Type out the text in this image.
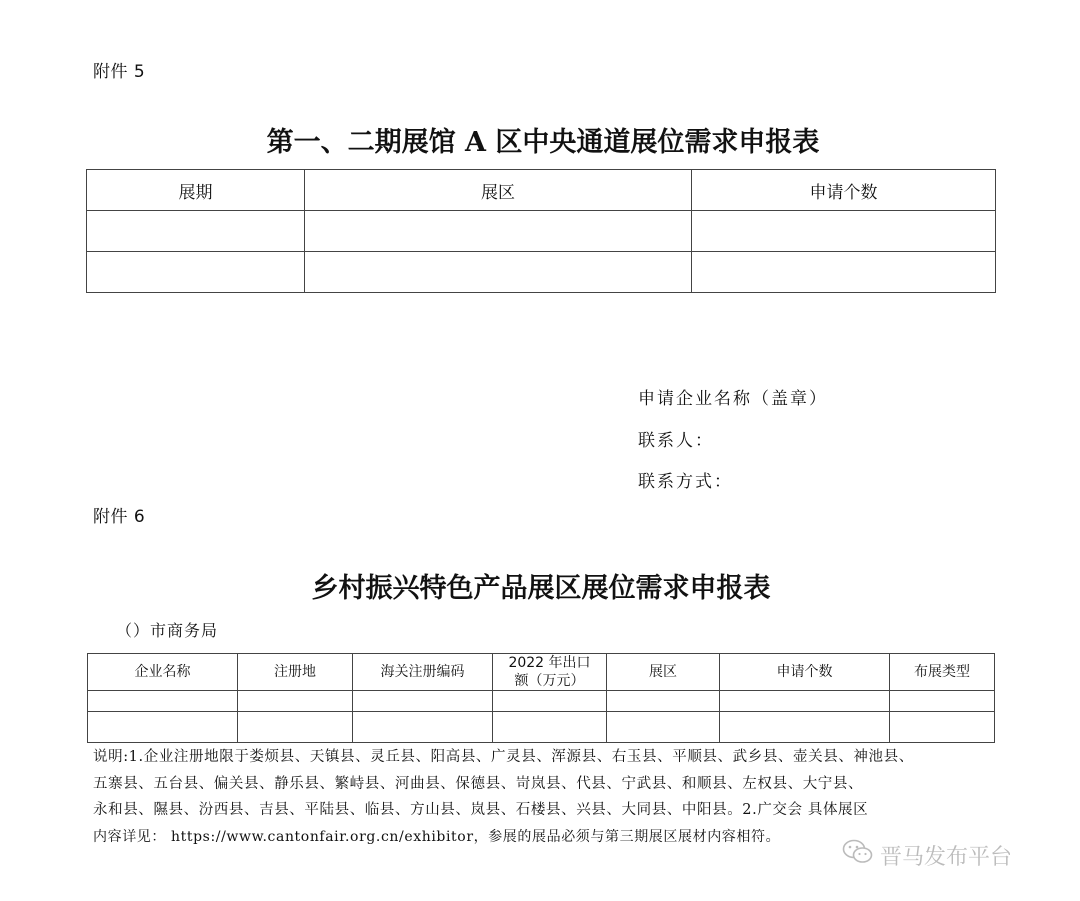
附件 5
第一、二期展馆 A 区中央通道展位需求申报表
展期	展区	申请个数

申请企业名称（盖章）
联系人：
联系方式：
附件 6
乡村振兴特色产品展区展位需求申报表
（）市商务局
企业名称	注册地	海关注册编码	2022 年出口额（万元）	展区	申请个数	布展类型

说明:1.企业注册地限于娄烦县、天镇县、灵丘县、阳高县、广灵县、浑源县、右玉县、平顺县、武乡县、壶关县、神池县、
五寨县、五台县、偏关县、静乐县、繁峙县、河曲县、保德县、岢岚县、代县、宁武县、和顺县、左权县、大宁县、
永和县、隰县、汾西县、吉县、平陆县、临县、方山县、岚县、石楼县、兴县、大同县、中阳县。2.广交会 具体展区
内容详见： https://www.cantonfair.org.cn/exhibitor，参展的展品必须与第三期展区展材内容相符。
晋马发布平台
